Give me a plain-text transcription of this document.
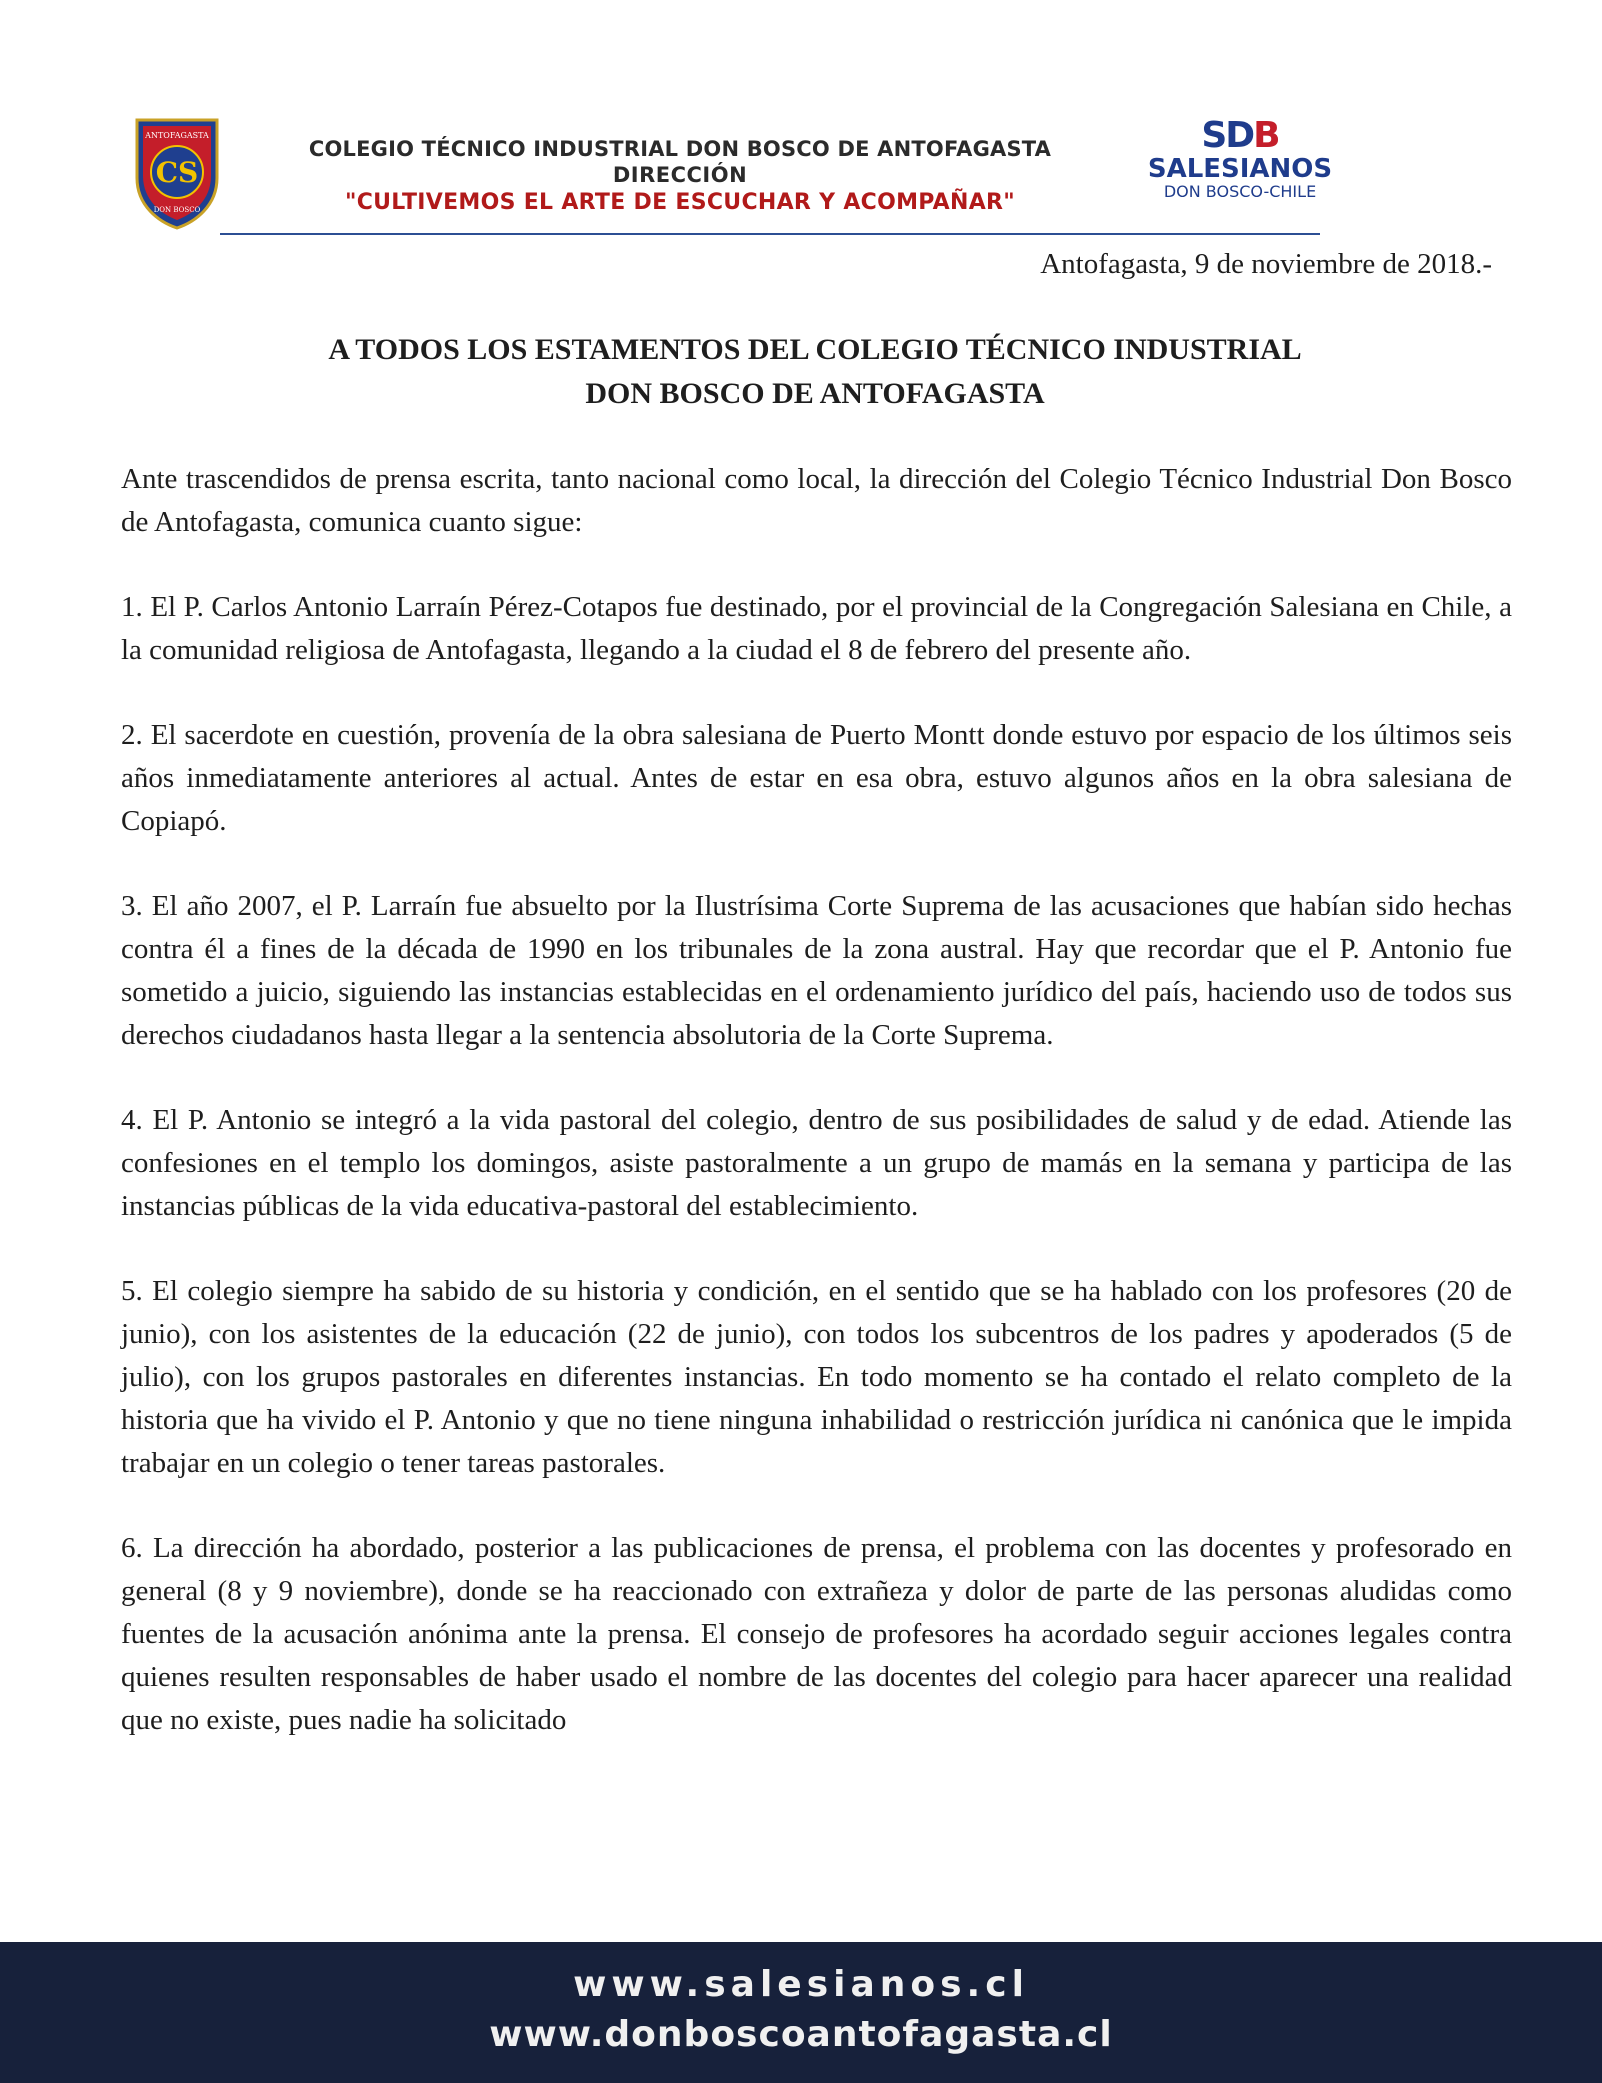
CS
ANTOFAGASTA
DON BOSCO
COLEGIO TÉCNICO INDUSTRIAL DON BOSCO DE ANTOFAGASTA
DIRECCIÓN
"CULTIVEMOS EL ARTE DE ESCUCHAR Y ACOMPAÑAR"
SDB
SALESIANOS
DON BOSCO-CHILE
Antofagasta, 9 de noviembre de 2018.-
A TODOS LOS ESTAMENTOS DEL COLEGIO TÉCNICO INDUSTRIAL
DON BOSCO DE ANTOFAGASTA

Ante trascendidos de prensa escrita, tanto nacional como local, la dirección del Colegio Técnico Industrial Don Bosco de Antofagasta, comunica cuanto sigue:

1. El P. Carlos Antonio Larraín Pérez-Cotapos fue destinado, por el provincial de la Congregación Salesiana en Chile, a la comunidad religiosa de Antofagasta, llegando a la ciudad el 8 de febrero del presente año.

2. El sacerdote en cuestión, provenía de la obra salesiana de Puerto Montt donde estuvo por espacio de los últimos seis años inmediatamente anteriores al actual. Antes de estar en esa obra, estuvo algunos años en la obra salesiana de Copiapó.

3. El año 2007, el P. Larraín fue absuelto por la Ilustrísima Corte Suprema de las acusaciones que habían sido hechas contra él a fines de la década de 1990 en los tribunales de la zona austral. Hay que recordar que el P. Antonio fue sometido a juicio, siguiendo las instancias establecidas en el ordenamiento jurídico del país, haciendo uso de todos sus derechos ciudadanos hasta llegar a la sentencia absolutoria de la Corte Suprema.

4. El P. Antonio se integró a la vida pastoral del colegio, dentro de sus posibilidades de salud y de edad. Atiende las confesiones en el templo los domingos, asiste pastoralmente a un grupo de mamás en la semana y participa de las instancias públicas de la vida educativa-pastoral del establecimiento.

5. El colegio siempre ha sabido de su historia y condición, en el sentido que se ha hablado con los profesores (20 de junio), con los asistentes de la educación (22 de junio), con todos los subcentros de los padres y apoderados (5 de julio), con los grupos pastorales en diferentes instancias. En todo momento se ha contado el relato completo de la historia que ha vivido el P. Antonio y que no tiene ninguna inhabilidad o restricción jurídica ni canónica que le impida trabajar en un colegio o tener tareas pastorales.

6. La dirección ha abordado, posterior a las publicaciones de prensa, el problema con las docentes y profesorado en general (8 y 9 noviembre), donde se ha reaccionado con extrañeza y dolor de parte de las personas aludidas como fuentes de la acusación anónima ante la prensa. El consejo de profesores ha acordado seguir acciones legales contra quienes resulten responsables de haber usado el nombre de las docentes del colegio para hacer aparecer una realidad que no existe, pues nadie ha solicitado

www.salesianos.cl
www.donboscoantofagasta.cl
